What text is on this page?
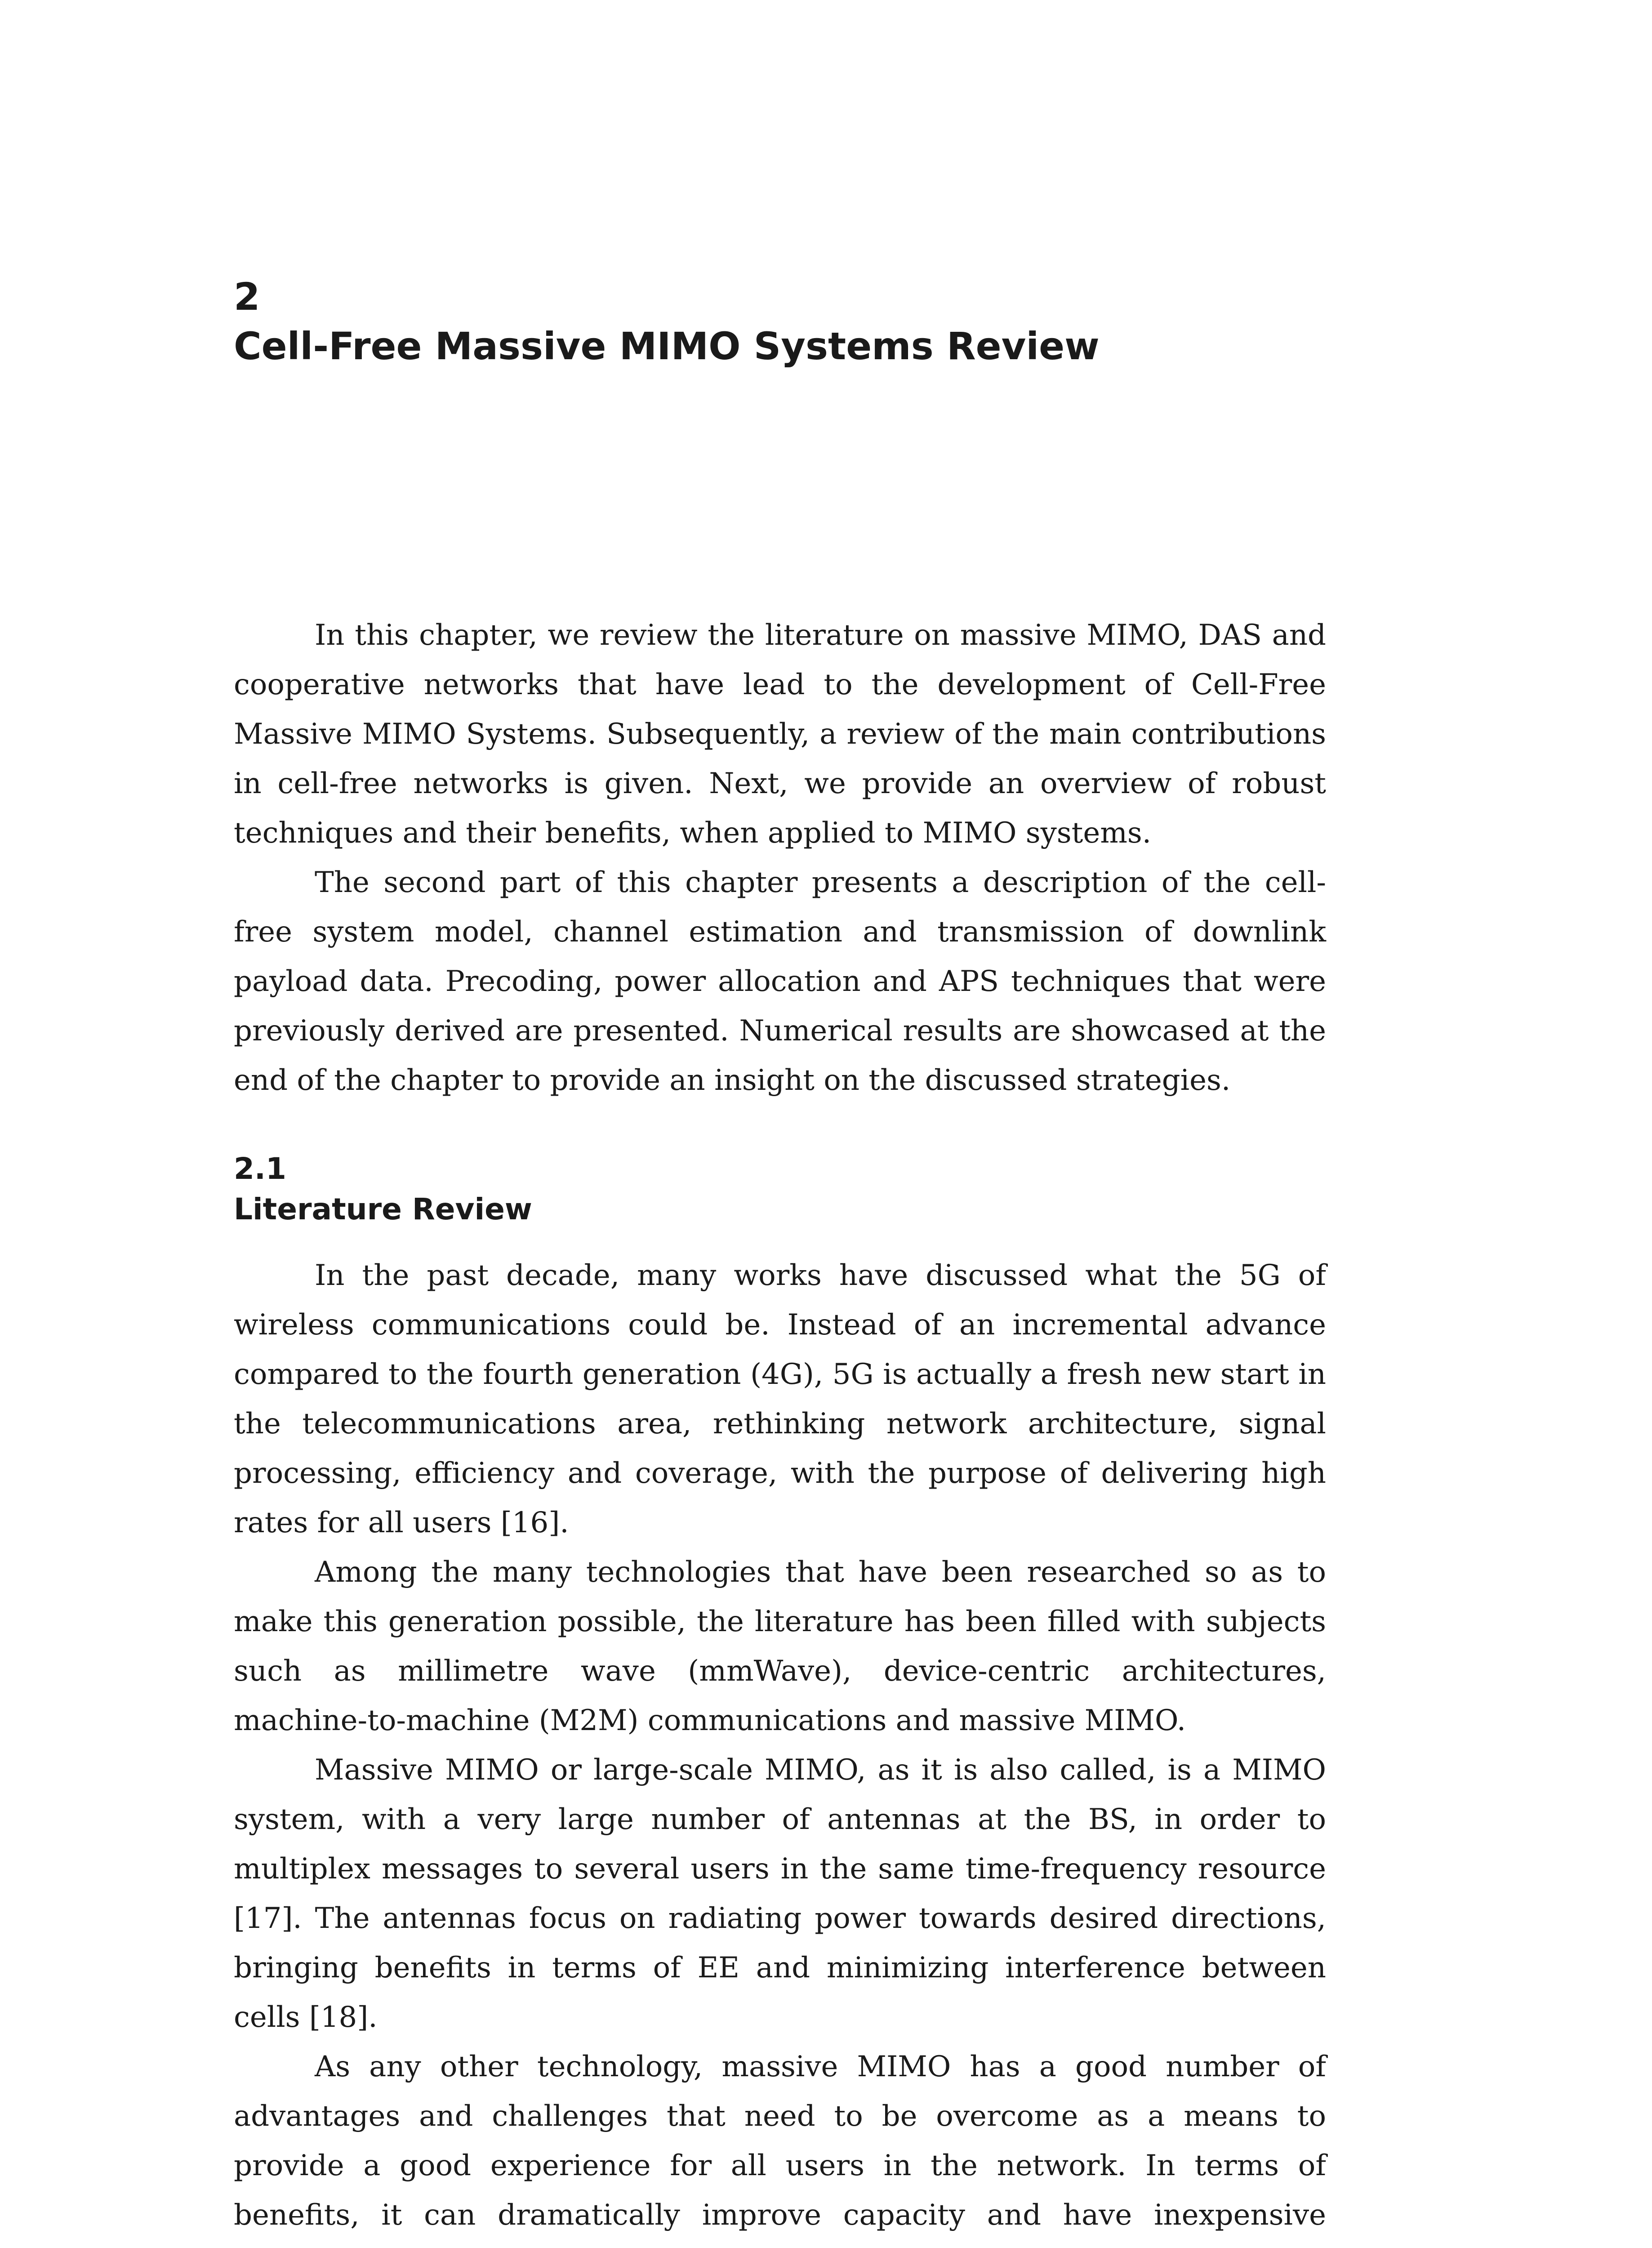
2
Cell-Free Massive MIMO Systems Review

In this chapter, we review the literature on massive MIMO, DAS and cooperative networks that have lead to the development of Cell-Free Massive MIMO Systems. Subsequently, a review of the main contributions in cell-free networks is given. Next, we provide an overview of robust techniques and their benefits, when applied to MIMO systems.

The second part of this chapter presents a description of the cell-free system model, channel estimation and transmission of downlink payload data. Precoding, power allocation and APS techniques that were previously derived are presented. Numerical results are showcased at the end of the chapter to provide an insight on the discussed strategies.

2.1
Literature Review

In the past decade, many works have discussed what the 5G of wireless communications could be. Instead of an incremental advance compared to the fourth generation (4G), 5G is actually a fresh new start in the telecommunications area, rethinking network architecture, signal processing, efficiency and coverage, with the purpose of delivering high rates for all users [16].

Among the many technologies that have been researched so as to make this generation possible, the literature has been filled with subjects such as millimetre wave (mmWave), device-centric architectures, machine-to-machine (M2M) communications and massive MIMO.

Massive MIMO or large-scale MIMO, as it is also called, is a MIMO system, with a very large number of antennas at the BS, in order to multiplex messages to several users in the same time-frequency resource [17]. The antennas focus on radiating power towards desired directions, bringing benefits in terms of EE and minimizing interference between cells [18].

As any other technology, massive MIMO has a good number of advantages and challenges that need to be overcome as a means to provide a good experience for all users in the network. In terms of benefits, it can dramatically improve capacity and have inexpensive
